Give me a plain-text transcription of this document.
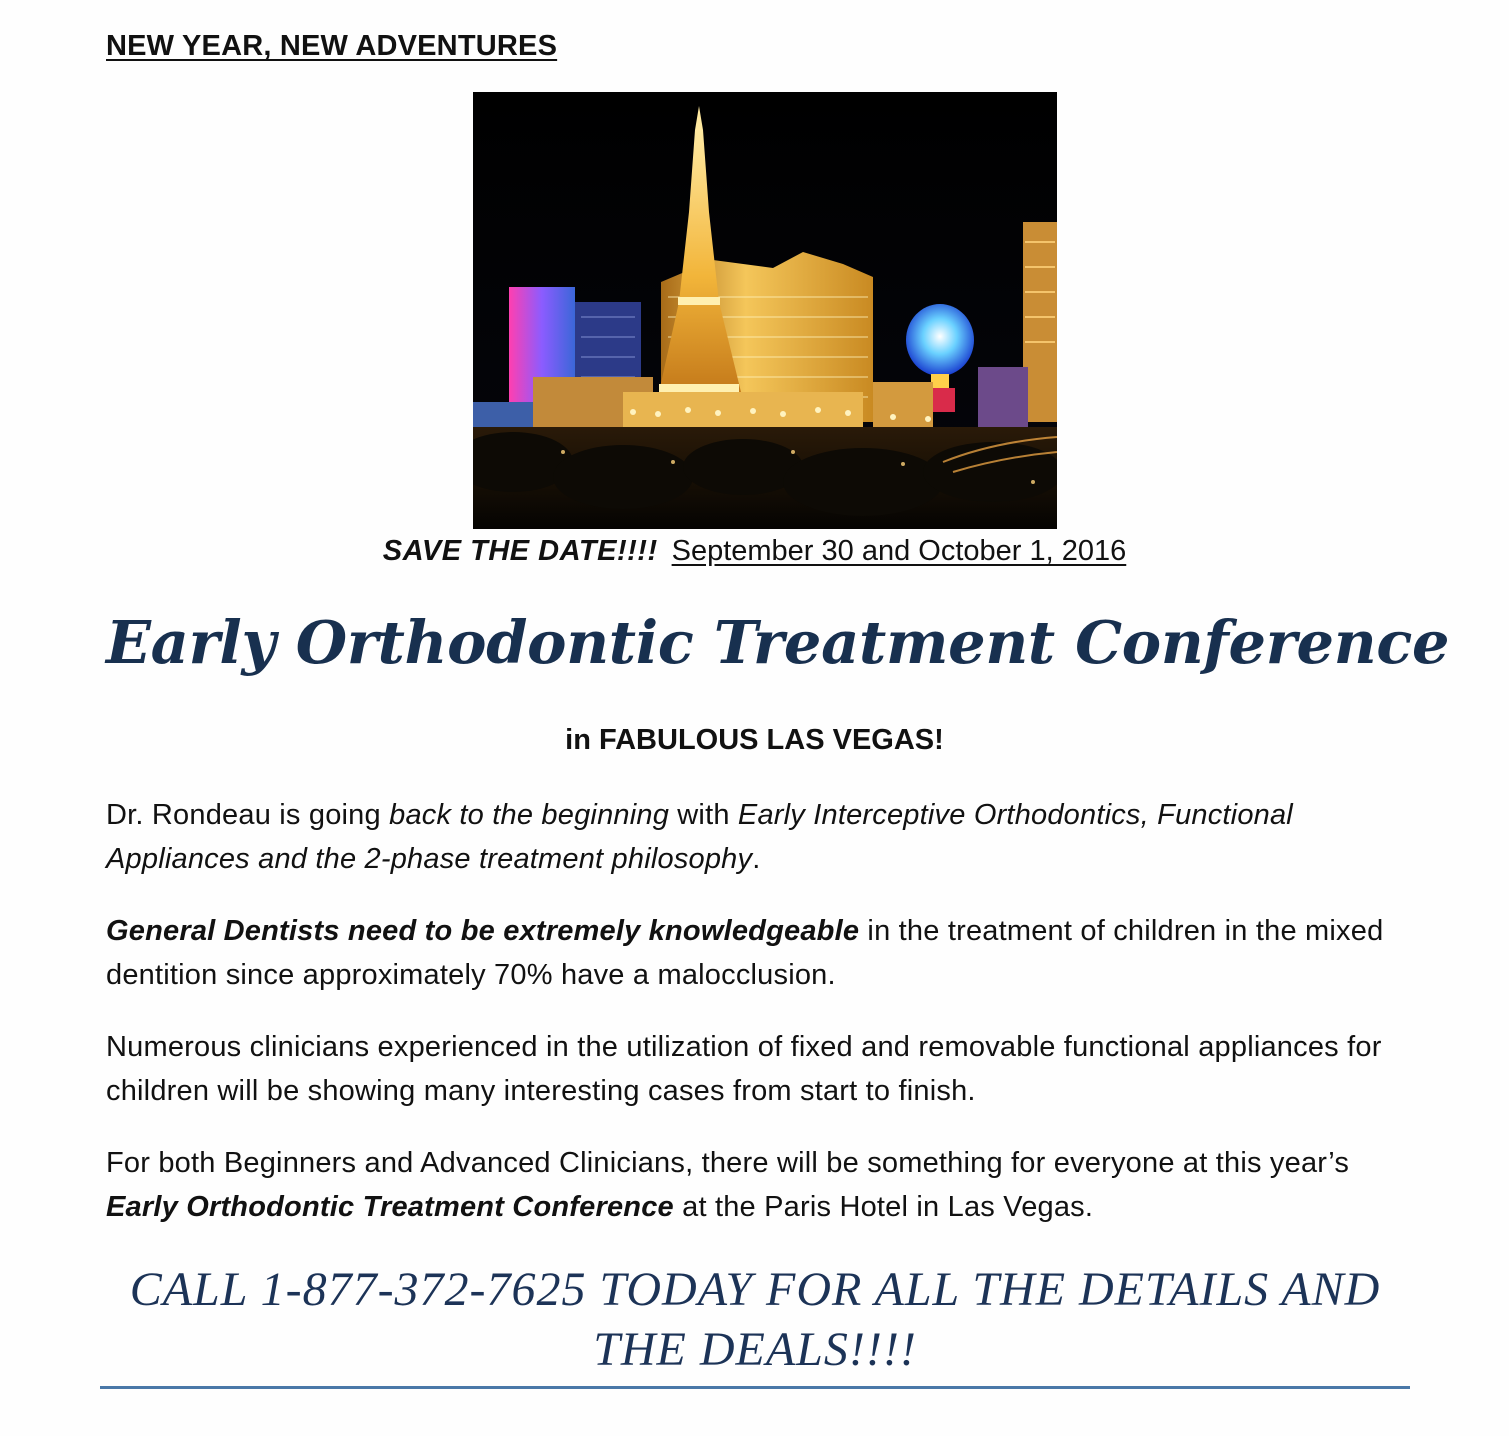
NEW YEAR, NEW ADVENTURES
SAVE THE DATE!!!! September 30 and October 1, 2016
Early Orthodontic Treatment Conference
in FABULOUS LAS VEGAS!
Dr. Rondeau is going back to the beginning with Early Interceptive Orthodontics, Functional Appliances and the 2-phase treatment philosophy.
General Dentists need to be extremely knowledgeable in the treatment of children in the mixed dentition since approximately 70% have a malocclusion.
Numerous clinicians experienced in the utilization of fixed and removable functional appliances for children will be showing many interesting cases from start to finish.
For both Beginners and Advanced Clinicians, there will be something for everyone at this year’s Early Orthodontic Treatment Conference at the Paris Hotel in Las Vegas.
CALL 1-877-372-7625 TODAY FOR ALL THE DETAILS AND THE DEALS!!!!
